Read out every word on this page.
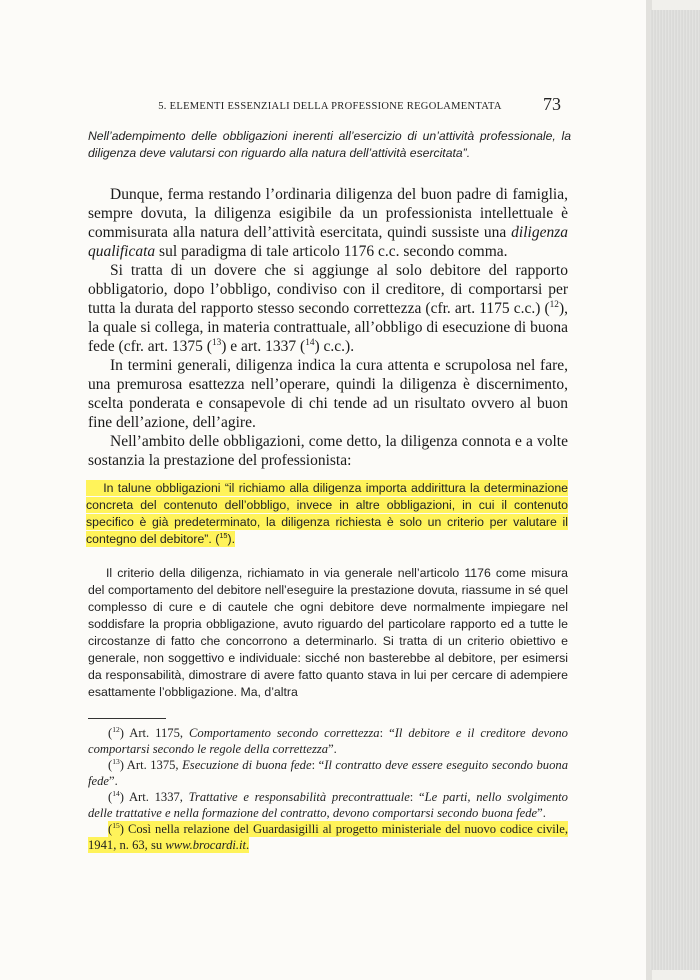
5. ELEMENTI ESSENZIALI DELLA PROFESSIONE REGOLAMENTATA	73
Nell’adempimento delle obbligazioni inerenti all’esercizio di un’attività professionale, la diligenza deve valutarsi con riguardo alla natura dell’attività esercitata”.

Dunque, ferma restando l’ordinaria diligenza del buon padre di famiglia, sempre dovuta, la diligenza esigibile da un professionista intellettuale è commisurata alla natura dell’attività esercitata, quindi sussiste una diligenza qualificata sul paradigma di tale articolo 1176 c.c. secondo comma.

Si tratta di un dovere che si aggiunge al solo debitore del rapporto obbligatorio, dopo l’obbligo, condiviso con il creditore, di comportarsi per tutta la durata del rapporto stesso secondo correttezza (cfr. art. 1175 c.c.) ($^{12}$), la quale si collega, in materia contrattuale, all’obbligo di esecuzione di buona fede (cfr. art. 1375 ($^{13}$) e art. 1337 ($^{14}$) c.c.).

In termini generali, diligenza indica la cura attenta e scrupolosa nel fare, una premurosa esattezza nell’operare, quindi la diligenza è discernimento, scelta ponderata e consapevole di chi tende ad un risultato ovvero al buon fine dell’azione, dell’agire.

Nell’ambito delle obbligazioni, come detto, la diligenza connota e a volte sostanzia la prestazione del professionista:

In talune obbligazioni “il richiamo alla diligenza importa addirittura la determinazione concreta del contenuto dell’obbligo, invece in altre obbligazioni, in cui il contenuto specifico è già predeterminato, la diligenza richiesta è solo un criterio per valutare il contegno del debitore”. ($^{15}$).
Il criterio della diligenza, richiamato in via generale nell’articolo 1176 come misura del comportamento del debitore nell’eseguire la prestazione dovuta, riassume in sé quel complesso di cure e di cautele che ogni debitore deve normalmente impiegare nel soddisfare la propria obbligazione, avuto riguardo del particolare rapporto ed a tutte le circostanze di fatto che concorrono a determinarlo. Si tratta di un criterio obiettivo e generale, non soggettivo e individuale: sicché non basterebbe al debitore, per esimersi da responsabilità, dimostrare di avere fatto quanto stava in lui per cercare di adempiere esattamente l’obbligazione. Ma, d’altra

($^{12}$) Art. 1175, Comportamento secondo correttezza: “Il debitore e il creditore devono comportarsi secondo le regole della correttezza”.

($^{13}$) Art. 1375, Esecuzione di buona fede: “Il contratto deve essere eseguito secondo buona fede”.

($^{14}$) Art. 1337, Trattative e responsabilità precontrattuale: “Le parti, nello svolgimento delle trattative e nella formazione del contratto, devono comportarsi secondo buona fede”.

($^{15}$) Così nella relazione del Guardasigilli al progetto ministeriale del nuovo codice civile, 1941, n. 63, su www.brocardi.it.
